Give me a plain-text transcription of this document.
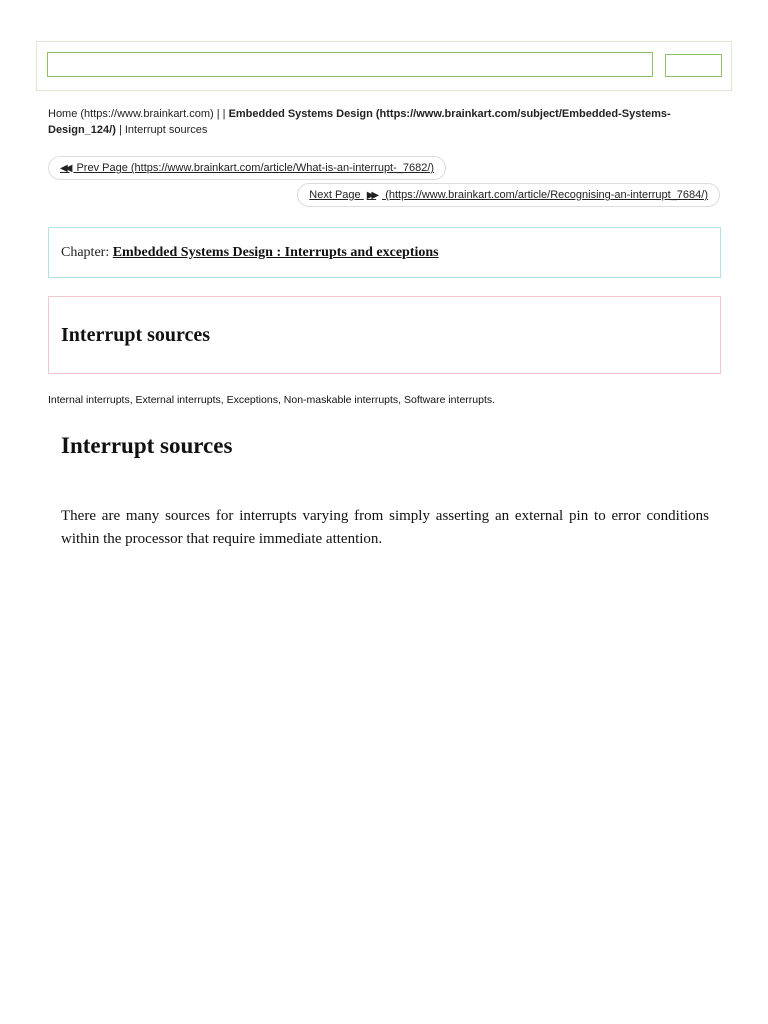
Home (https://www.brainkart.com) | | Embedded Systems Design (https://www.brainkart.com/subject/Embedded-Systems-Design_124/) | Interrupt sources
◀◀ Prev Page (https://www.brainkart.com/article/What-is-an-interrupt-_7682/)
Next Page ▶▶ (https://www.brainkart.com/article/Recognising-an-interrupt_7684/)
Chapter: Embedded Systems Design : Interrupts and exceptions
Interrupt sources
Internal interrupts, External interrupts, Exceptions, Non-maskable interrupts, Software interrupts.
Interrupt sources

There are many sources for interrupts varying from simply asserting an external pin to error conditions within the processor that require immediate attention.
